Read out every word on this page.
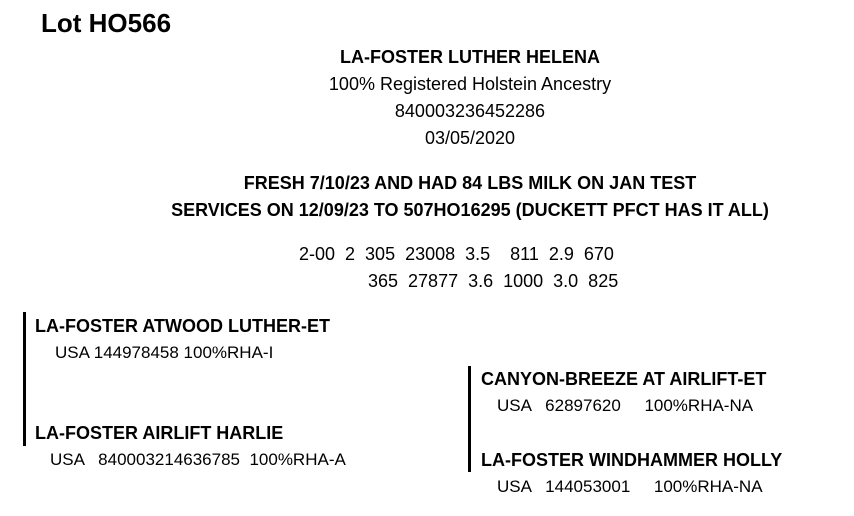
Lot HO566
LA-FOSTER LUTHER HELENA
100% Registered Holstein Ancestry
840003236452286
03/05/2020
FRESH 7/10/23 AND HAD 84 LBS MILK ON JAN TEST
SERVICES ON 12/09/23 TO 507HO16295 (DUCKETT PFCT HAS IT ALL)
2-00  2  305  23008  3.5    811  2.9  670
365  27877  3.6  1000  3.0  825
LA-FOSTER ATWOOD LUTHER-ET
USA 144978458 100%RHA-I
LA-FOSTER AIRLIFT HARLIE
USA   840003214636785  100%RHA-A
CANYON-BREEZE AT AIRLIFT-ET
USA   62897620     100%RHA-NA
LA-FOSTER WINDHAMMER HOLLY
USA   144053001     100%RHA-NA
